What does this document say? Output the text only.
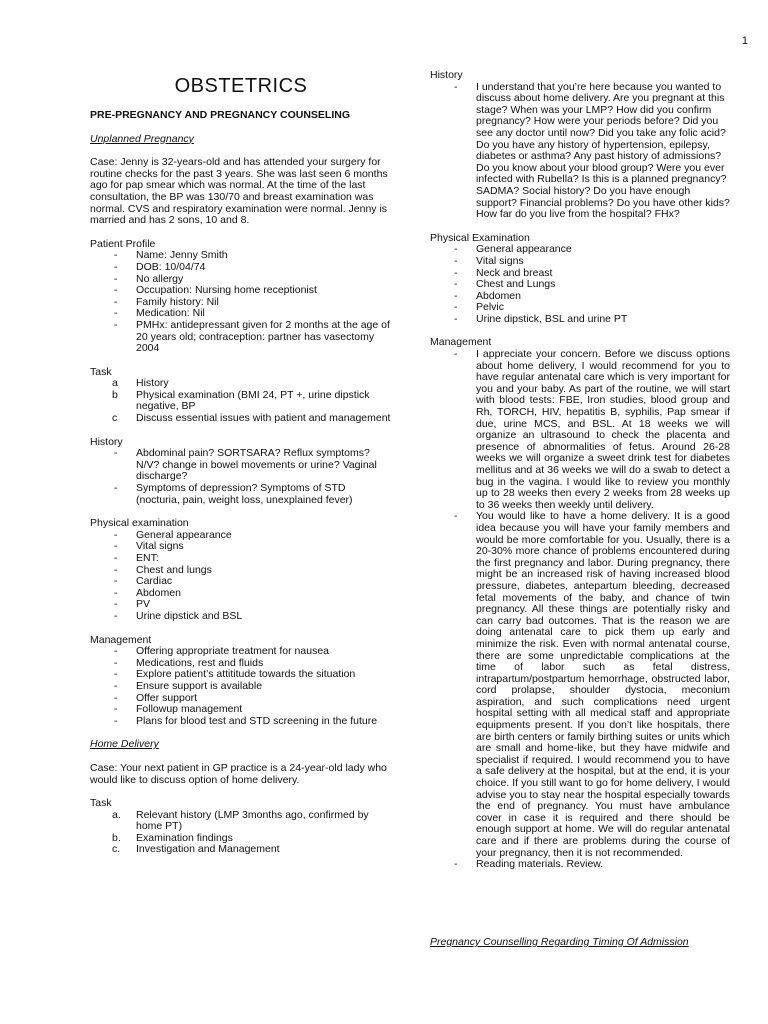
1
OBSTETRICS
PRE-PREGNANCY AND PREGNANCY COUNSELING

Unplanned Pregnancy

Case: Jenny is 32-years-old and has attended your surgery for routine checks for the past 3 years. She was last seen 6 months ago for pap smear which was normal. At the time of the last consultation, the BP was 130/70 and breast examination was normal. CVS and respiratory examination were normal. Jenny is married and has 2 sons, 10 and 8.

Patient Profile

- Name: Jenny Smith
- DOB: 10/04/74
- No allergy
- Occupation: Nursing home receptionist
- Family history: Nil
- Medication: Nil
- PMHx: antidepressant given for 2 months at the age of 20 years old; contraception: partner has vasectomy 2004

Task

a History
b Physical examination (BMI 24, PT +, urine dipstick negative, BP
c Discuss essential issues with patient and management

History

- Abdominal pain? SORTSARA? Reflux symptoms? N/V? change in bowel movements or urine? Vaginal discharge?
- Symptoms of depression? Symptoms of STD (nocturia, pain, weight loss, unexplained fever)

Physical examination

- General appearance
- Vital signs
- ENT:
- Chest and lungs
- Cardiac
- Abdomen
- PV
- Urine dipstick and BSL

Management

- Offering appropriate treatment for nausea
- Medications, rest and fluids
- Explore patient’s attititude towards the situation
- Ensure support is available
- Offer support
- Followup management
- Plans for blood test and STD screening in the future

Home Delivery

Case: Your next patient in GP practice is a 24-year-old lady who would like to discuss option of home delivery.

Task

a. Relevant history (LMP 3months ago, confirmed by home PT)
b. Examination findings
c. Investigation and Management

History

- I understand that you’re here because you wanted to discuss about home delivery. Are you pregnant at this stage? When was your LMP? How did you confirm pregnancy? How were your periods before? Did you see any doctor until now? Did you take any folic acid? Do you have any history of hypertension, epilepsy, diabetes or asthma? Any past history of admissions? Do you know about your blood group? Were you ever infected with Rubella? Is this is a planned pregnancy? SADMA? Social history? Do you have enough support? Financial problems? Do you have other kids? How far do you live from the hospital? FHx?

Physical Examination

- General appearance
- Vital signs
- Neck and breast
- Chest and Lungs
- Abdomen
- Pelvic
- Urine dipstick, BSL and urine PT

Management

- I appreciate your concern. Before we discuss options about home delivery, I would recommend for you to have regular antenatal care which is very important for you and your baby. As part of the routine, we will start with blood tests: FBE, Iron studies, blood group and Rh, TORCH, HIV, hepatitis B, syphilis, Pap smear if due, urine MCS, and BSL. At 18 weeks we will organize an ultrasound to check the placenta and presence of abnormalities of fetus. Around 26-28 weeks we will organize a sweet drink test for diabetes mellitus and at 36 weeks we will do a swab to detect a bug in the vagina. I would like to review you monthly up to 28 weeks then every 2 weeks from 28 weeks up to 36 weeks then weekly until delivery.
- You would like to have a home delivery. It is a good idea because you will have your family members and would be more comfortable for you. Usually, there is a 20-30% more chance of problems encountered during the first pregnancy and labor. During pregnancy, there might be an increased risk of having increased blood pressure, diabetes, antepartum bleeding, decreased fetal movements of the baby, and chance of twin pregnancy. All these things are potentially risky and can carry bad outcomes. That is the reason we are doing antenatal care to pick them up early and minimize the risk. Even with normal antenatal course, there are some unpredictable complications at the time of labor such as fetal distress, intrapartum/postpartum hemorrhage, obstructed labor, cord prolapse, shoulder dystocia, meconium aspiration, and such complications need urgent hospital setting with all medical staff and appropriate equipments present. If you don’t like hospitals, there are birth centers or family birthing suites or units which are small and home-like, but they have midwife and specialist if required. I would recommend you to have a safe delivery at the hospital, but at the end, it is your choice. If you still want to go for home delivery, I would advise you to stay near the hospital especially towards the end of pregnancy. You must have ambulance cover in case it is required and there should be enough support at home. We will do regular antenatal care and if there are problems during the course of your pregnancy, then it is not recommended.
- Reading materials. Review.
Pregnancy Counselling Regarding Timing Of Admission
